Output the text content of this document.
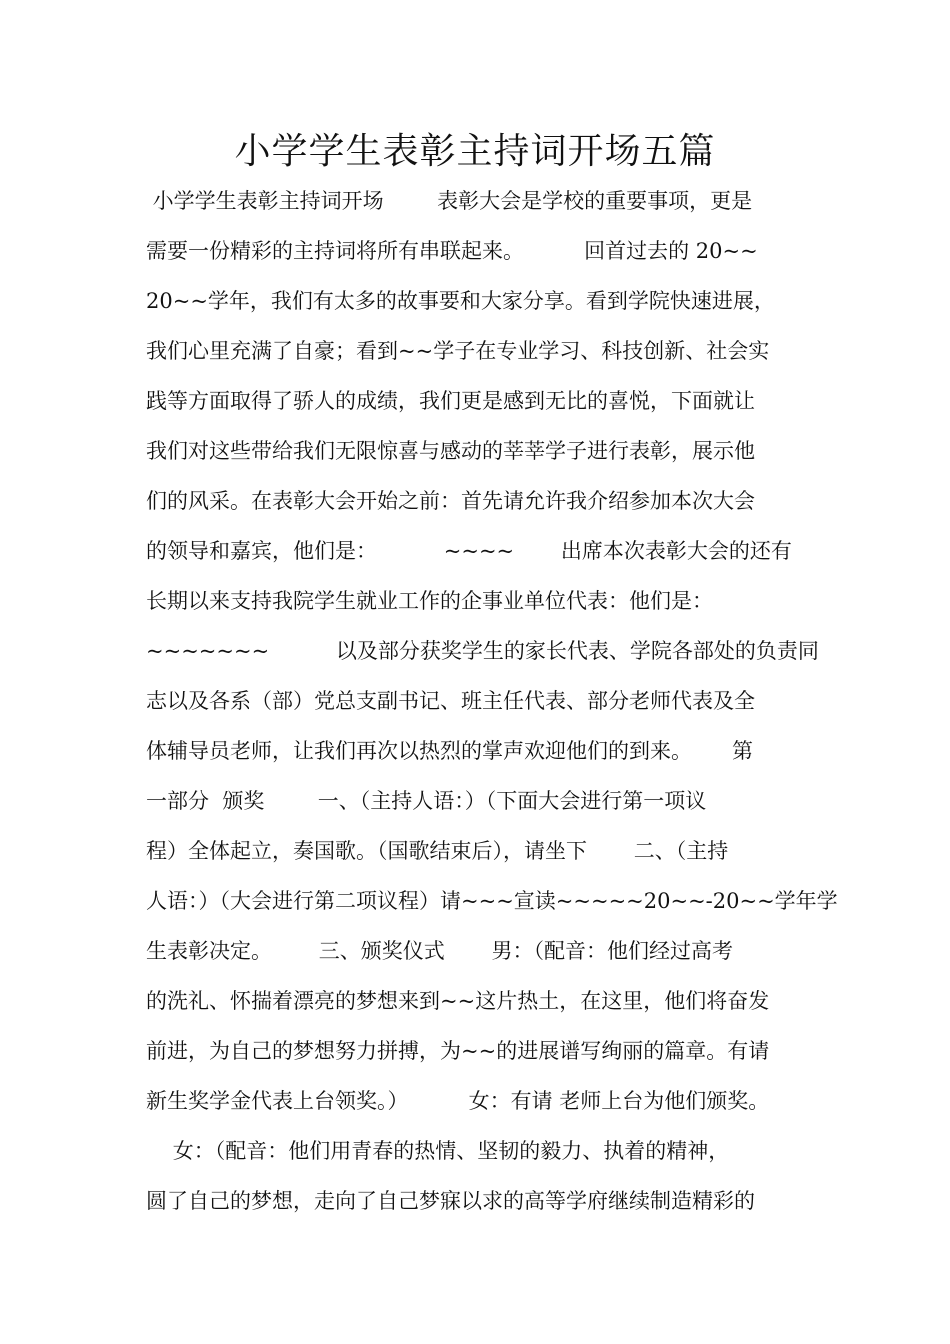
小学学生表彰主持词开场五篇
小学学生表彰主持词开场        表彰大会是学校的重要事项，更是
需要一份精彩的主持词将所有串联起来。         回首过去的 20~~
20~~学年，我们有太多的故事要和大家分享。看到学院快速进展，
我们心里充满了自豪；看到~~学子在专业学习、科技创新、社会实
践等方面取得了骄人的成绩，我们更是感到无比的喜悦，下面就让
我们对这些带给我们无限惊喜与感动的莘莘学子进行表彰，展示他
们的风采。在表彰大会开始之前：首先请允许我介绍参加本次大会
的领导和嘉宾，他们是：          ~~~~       出席本次表彰大会的还有
长期以来支持我院学生就业工作的企事业单位代表：他们是：
~~~~~~~          以及部分获奖学生的家长代表、学院各部处的负责同
志以及各系（部）党总支副书记、班主任代表、部分老师代表及全
体辅导员老师，让我们再次以热烈的掌声欢迎他们的到来。      第
一部分  颁奖        一、（主持人语：）（下面大会进行第一项议
程）全体起立，奏国歌。（国歌结束后），请坐下       二、（主持
人语：）（大会进行第二项议程）请~~~宣读~~~~~20~~-20~~学年学
生表彰决定。       三、颁奖仪式       男：（配音：他们经过高考
的洗礼、怀揣着漂亮的梦想来到~~这片热土，在这里，他们将奋发
前进，为自己的梦想努力拼搏，为~~的进展谱写绚丽的篇章。有请
新生奖学金代表上台领奖。）         女：有请 老师上台为他们颁奖。
女：（配音：他们用青春的热情、坚韧的毅力、执着的精神，
圆了自己的梦想，走向了自己梦寐以求的高等学府继续制造精彩的
